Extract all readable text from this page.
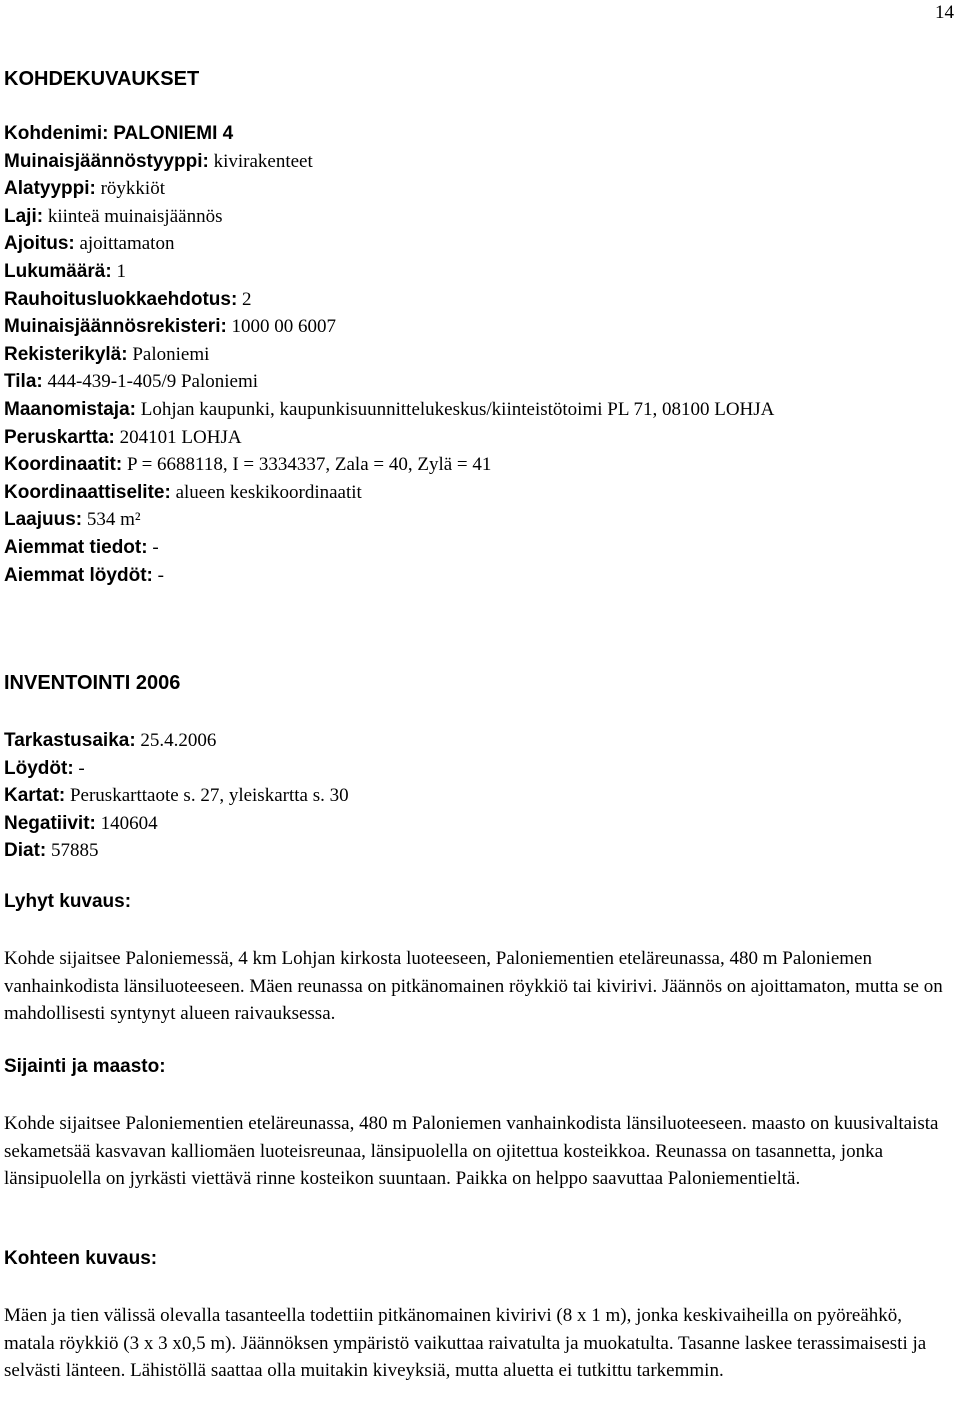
14
KOHDEKUVAUKSET
Kohdenimi: PALONIEMI 4
Muinaisjäännöstyyppi: kivirakenteet
Alatyyppi: röykkiöt
Laji: kiinteä muinaisjäännös
Ajoitus: ajoittamaton
Lukumäärä: 1
Rauhoitusluokkaehdotus: 2
Muinaisjäännösrekisteri: 1000 00 6007
Rekisterikylä: Paloniemi
Tila: 444-439-1-405/9 Paloniemi
Maanomistaja: Lohjan kaupunki, kaupunkisuunnittelukeskus/kiinteistötoimi PL 71, 08100 LOHJA
Peruskartta: 204101 LOHJA
Koordinaatit: P = 6688118, I = 3334337, Zala = 40, Zylä = 41
Koordinaattiselite: alueen keskikoordinaatit
Laajuus: 534 m²
Aiemmat tiedot: -
Aiemmat löydöt: -
INVENTOINTI 2006
Tarkastusaika: 25.4.2006
Löydöt: -
Kartat: Peruskarttaote s. 27, yleiskartta s. 30
Negatiivit: 140604
Diat: 57885
Lyhyt kuvaus:

Kohde sijaitsee Paloniemessä, 4 km Lohjan kirkosta luoteeseen, Paloniementien eteläreunassa, 480 m Paloniemen vanhainkodista länsiluoteeseen. Mäen reunassa on pitkänomainen röykkiö tai kivirivi. Jäännös on ajoittamaton, mutta se on mahdollisesti syntynyt alueen raivauksessa.

Sijainti ja maasto:

Kohde sijaitsee Paloniementien eteläreunassa, 480 m Paloniemen vanhainkodista länsiluoteeseen. maasto on kuusivaltaista sekametsää kasvavan kalliomäen luoteisreunaa, länsipuolella on ojitettua kosteikkoa. Reunassa on tasannetta, jonka länsipuolella on jyrkästi viettävä rinne kosteikon suuntaan. Paikka on helppo saavuttaa Paloniementieltä.

Kohteen kuvaus:

Mäen ja tien välissä olevalla tasanteella todettiin pitkänomainen kivirivi (8 x 1 m), jonka keskivaiheilla on pyöreähkö, matala röykkiö (3 x 3 x0,5 m). Jäännöksen ympäristö vaikuttaa raivatulta ja muokatulta. Tasanne laskee terassimaisesti ja selvästi länteen. Lähistöllä saattaa olla muitakin kiveyksiä, mutta aluetta ei tutkittu tarkemmin.
